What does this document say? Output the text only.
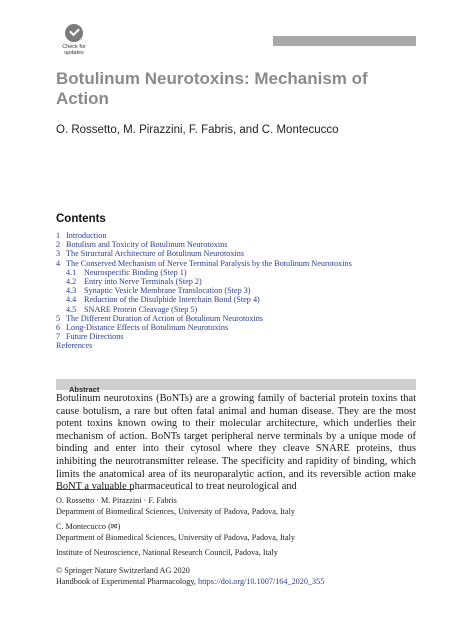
Check for
updates
Botulinum Neurotoxins: Mechanism of Action
O. Rossetto, M. Pirazzini, F. Fabris, and C. Montecucco
Contents
1 Introduction
2 Botulism and Toxicity of Botulinum Neurotoxins
3 The Structural Architecture of Botulinum Neurotoxins
4 The Conserved Mechanism of Nerve Terminal Paralysis by the Botulinum Neurotoxins
4.1 Neurospecific Binding (Step 1)
4.2 Entry into Nerve Terminals (Step 2)
4.3 Synaptic Vesicle Membrane Translocation (Step 3)
4.4 Reduction of the Disulphide Interchain Bond (Step 4)
4.5 SNARE Protein Cleavage (Step 5)
5 The Different Duration of Action of Botulinum Neurotoxins
6 Long-Distance Effects of Botulinum Neurotoxins
7 Future Directions
References
Abstract

Botulinum neurotoxins (BoNTs) are a growing family of bacterial protein toxins that cause botulism, a rare but often fatal animal and human disease. They are the most potent toxins known owing to their molecular architecture, which underlies their mechanism of action. BoNTs target peripheral nerve terminals by a unique mode of binding and enter into their cytosol where they cleave SNARE proteins, thus inhibiting the neurotransmitter release. The specificity and rapidity of binding, which limits the anatomical area of its neuroparalytic action, and its reversible action make BoNT a valuable pharmaceutical to treat neurological and

O. Rossetto · M. Pirazzini · F. Fabris
Department of Biomedical Sciences, University of Padova, Padova, Italy
C. Montecucco (✉)
Department of Biomedical Sciences, University of Padova, Padova, Italy
Institute of Neuroscience, National Research Council, Padova, Italy
© Springer Nature Switzerland AG 2020
Handbook of Experimental Pharmacology, https://doi.org/10.1007/164_2020_355
